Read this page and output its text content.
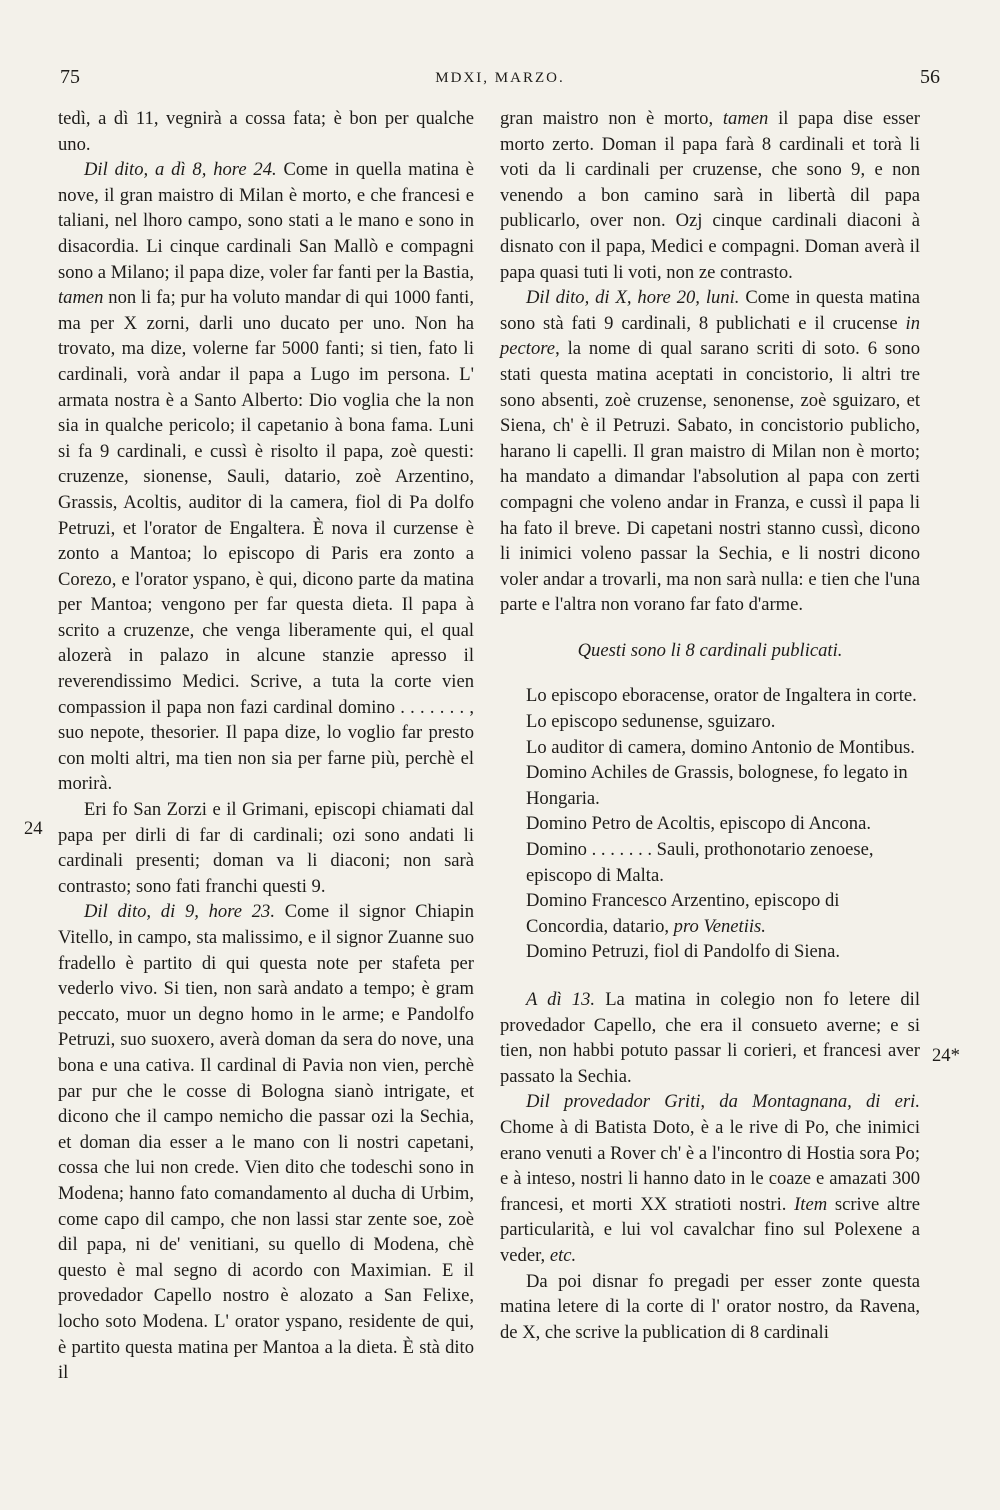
75	MDXI, MARZO.	56
24
24*

tedì, a dì 11, vegnirà a cossa fata; è bon per qualche uno.

Dil dito, a dì 8, hore 24. Come in quella matina è nove, il gran maistro di Milan è morto, e che francesi e taliani, nel lhoro campo, sono stati a le mano e sono in disacordia. Li cinque cardinali San Mallò e compagni sono a Milano; il papa dize, voler far fanti per la Bastia, tamen non li fa; pur ha voluto mandar di qui 1000 fanti, ma per X zorni, darli uno ducato per uno. Non ha trovato, ma dize, volerne far 5000 fanti; si tien, fato li cardinali, vorà andar il papa a Lugo im persona. L' armata nostra è a Santo Alberto: Dio voglia che la non sia in qualche pericolo; il capetanio à bona fama. Luni si fa 9 cardinali, e cussì è risolto il papa, zoè questi: cruzenze, sionense, Sauli, datario, zoè Arzentino, Grassis, Acoltis, auditor di la camera, fiol di Pa dolfo Petruzi, et l'orator de Engaltera. È nova il curzense è zonto a Mantoa; lo episcopo di Paris era zonto a Corezo, e l'orator yspano, è qui, dicono parte da matina per Mantoa; vengono per far questa dieta. Il papa à scrito a cruzenze, che venga liberamente qui, el qual alozerà in palazo in alcune stanzie apresso il reverendissimo Medici. Scrive, a tuta la corte vien compassion il papa non fazi cardinal domino . . . . . . . , suo nepote, thesorier. Il papa dize, lo voglio far presto con molti altri, ma tien non sia per farne più, perchè el morirà.

Eri fo San Zorzi e il Grimani, episcopi chiamati dal papa per dirli di far di cardinali; ozi sono andati li cardinali presenti; doman va li diaconi; non sarà contrasto; sono fati franchi questi 9.

Dil dito, di 9, hore 23. Come il signor Chiapin Vitello, in campo, sta malissimo, e il signor Zuanne suo fradello è partito di qui questa note per stafeta per vederlo vivo. Si tien, non sarà andato a tempo; è gram peccato, muor un degno homo in le arme; e Pandolfo Petruzi, suo suoxero, averà doman da sera do nove, una bona e una cativa. Il cardinal di Pavia non vien, perchè par pur che le cosse di Bologna sianò intrigate, et dicono che il campo nemicho die passar ozi la Sechia, et doman dia esser a le mano con li nostri capetani, cossa che lui non crede. Vien dito che todeschi sono in Modena; hanno fato comandamento al ducha di Urbim, come capo dil campo, che non lassi star zente soe, zoè dil papa, ni de' venitiani, su quello di Modena, chè questo è mal segno di acordo con Maximian. E il provedador Capello nostro è alozato a San Felixe, locho soto Modena. L' orator yspano, residente de qui, è partito questa matina per Mantoa a la dieta. È stà dito il

gran maistro non è morto, tamen il papa dise esser morto zerto. Doman il papa farà 8 cardinali et torà li voti da li cardinali per cruzense, che sono 9, e non venendo a bon camino sarà in libertà dil papa publicarlo, over non. Ozj cinque cardinali diaconi à disnato con il papa, Medici e compagni. Doman averà il papa quasi tuti li voti, non ze contrasto.

Dil dito, di X, hore 20, luni. Come in questa matina sono stà fati 9 cardinali, 8 publichati e il crucense in pectore, la nome di qual sarano scriti di soto. 6 sono stati questa matina aceptati in concistorio, li altri tre sono absenti, zoè cruzense, senonense, zoè sguizaro, et Siena, ch' è il Petruzi. Sabato, in concistorio publicho, harano li capelli. Il gran maistro di Milan non è morto; ha mandato a dimandar l'absolution al papa con zerti compagni che voleno andar in Franza, e cussì il papa li ha fato il breve. Di capetani nostri stanno cussì, dicono li inimici voleno passar la Sechia, e li nostri dicono voler andar a trovarli, ma non sarà nulla: e tien che l'una parte e l'altra non vorano far fato d'arme.

Questi sono li 8 cardinali publicati.

Lo episcopo eboracense, orator de Ingaltera in corte.

Lo episcopo sedunense, sguizaro.

Lo auditor di camera, domino Antonio de Montibus.

Domino Achiles de Grassis, bolognese, fo legato in Hongaria.

Domino Petro de Acoltis, episcopo di Ancona.

Domino . . . . . . . Sauli, prothonotario zenoese, episcopo di Malta.

Domino Francesco Arzentino, episcopo di Concordia, datario, pro Venetiis.

Domino Petruzi, fiol di Pandolfo di Siena.

A dì 13. La matina in colegio non fo letere dil provedador Capello, che era il consueto averne; e si tien, non habbi potuto passar li corieri, et francesi aver passato la Sechia.

Dil provedador Griti, da Montagnana, di eri. Chome à di Batista Doto, è a le rive di Po, che inimici erano venuti a Rover ch' è a l'incontro di Hostia sora Po; e à inteso, nostri li hanno dato in le coaze e amazati 300 francesi, et morti XX stratioti nostri. Item scrive altre particularità, e lui vol cavalchar fino sul Polexene a veder, etc.

Da poi disnar fo pregadi per esser zonte questa matina letere di la corte di l' orator nostro, da Ravena, de X, che scrive la publication di 8 cardinali
